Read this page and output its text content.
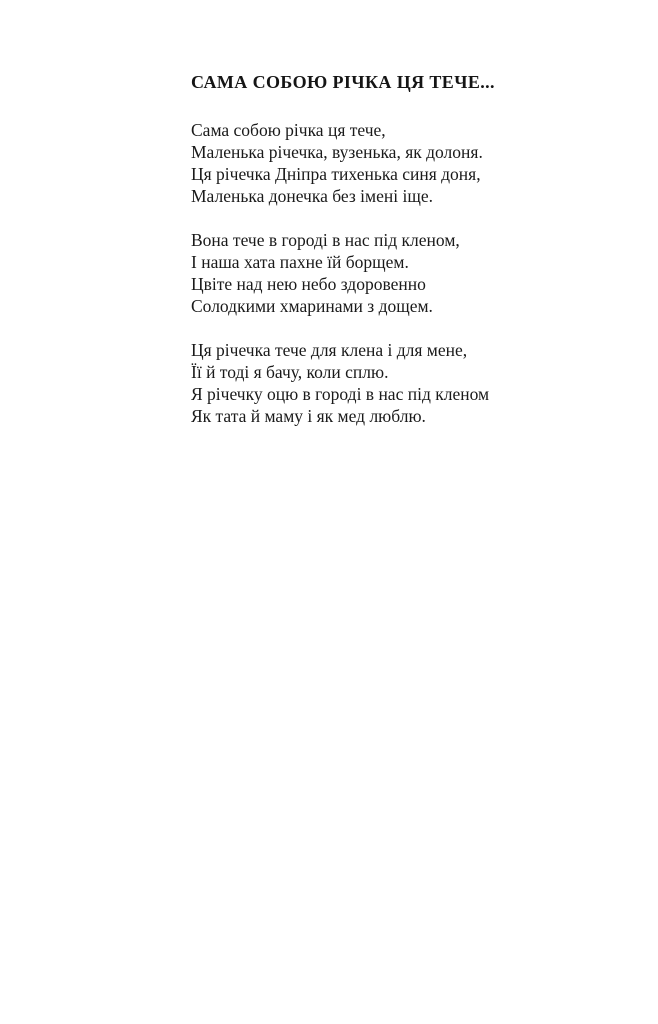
САМА СОБОЮ РІЧКА ЦЯ ТЕЧЕ...
Сама собою річка ця тече,
Маленька річечка, вузенька, як долоня.
Ця річечка Дніпра тихенька синя доня,
Маленька донечка без імені іще.
Вона тече в городі в нас під кленом,
І наша хата пахне їй борщем.
Цвіте над нею небо здоровенно
Солодкими хмаринами з дощем.
Ця річечка тече для клена і для мене,
Її й тоді я бачу, коли сплю.
Я річечку оцю в городі в нас під кленом
Як тата й маму і як мед люблю.
